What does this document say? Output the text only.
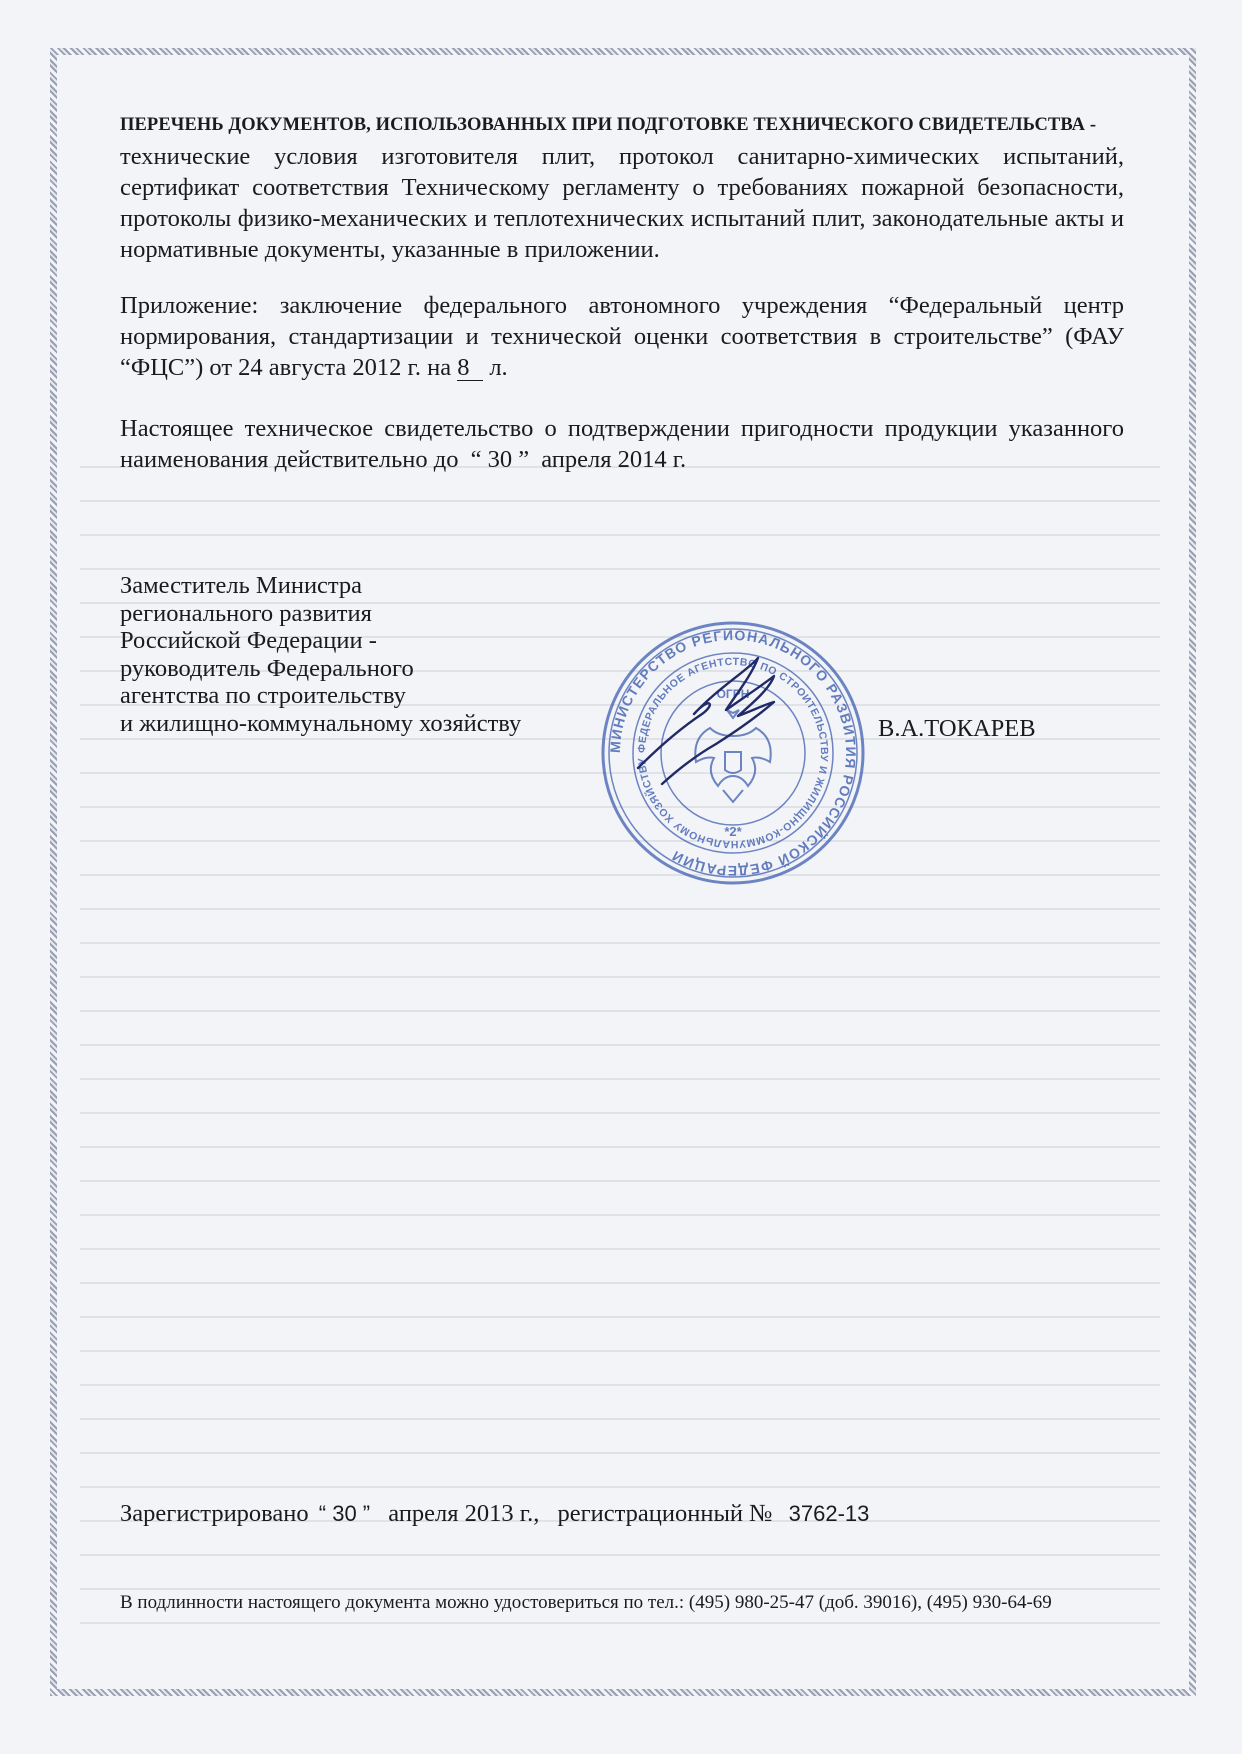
ПЕРЕЧЕНЬ ДОКУМЕНТОВ, ИСПОЛЬЗОВАННЫХ ПРИ ПОДГОТОВКЕ ТЕХНИЧЕСКОГО СВИДЕТЕЛЬСТВА -
технические условия изготовителя плит, протокол санитарно-химических испытаний, сертификат соответствия Техническому регламенту о требованиях пожарной безопасности, протоколы физико-механических и теплотехнических испытаний плит, законодательные акты и нормативные документы, указанные в приложении.
Приложение: заключение федерального автономного учреждения “Федеральный центр нормирования, стандартизации и технической оценки соответствия в строительстве” (ФАУ “ФЦС”) от 24 августа 2012 г. на 8 л.
Настоящее техническое свидетельство о подтверждении пригодности продукции указанного наименования действительно до “ 30 ” апреля 2014 г.
Заместитель Министра
регионального развития
Российской Федерации -
руководитель Федерального
агентства по строительству
и жилищно-коммунальному хозяйству
МИНИСТЕРСТВО РЕГИОНАЛЬНОГО РАЗВИТИЯ РОССИЙСКОЙ ФЕДЕРАЦИИ
ФЕДЕРАЛЬНОЕ АГЕНТСТВО ПО СТРОИТЕЛЬСТВУ И ЖИЛИЩНО-КОММУНАЛЬНОМУ ХОЗЯЙСТВУ
ОГРН
*2*
В.А.ТОКАРЕВ
Зарегистрировано “ 30 ” апреля 2013 г., регистрационный № 3762-13
В подлинности настоящего документа можно удостовериться по тел.: (495) 980-25-47 (доб. 39016), (495) 930-64-69
